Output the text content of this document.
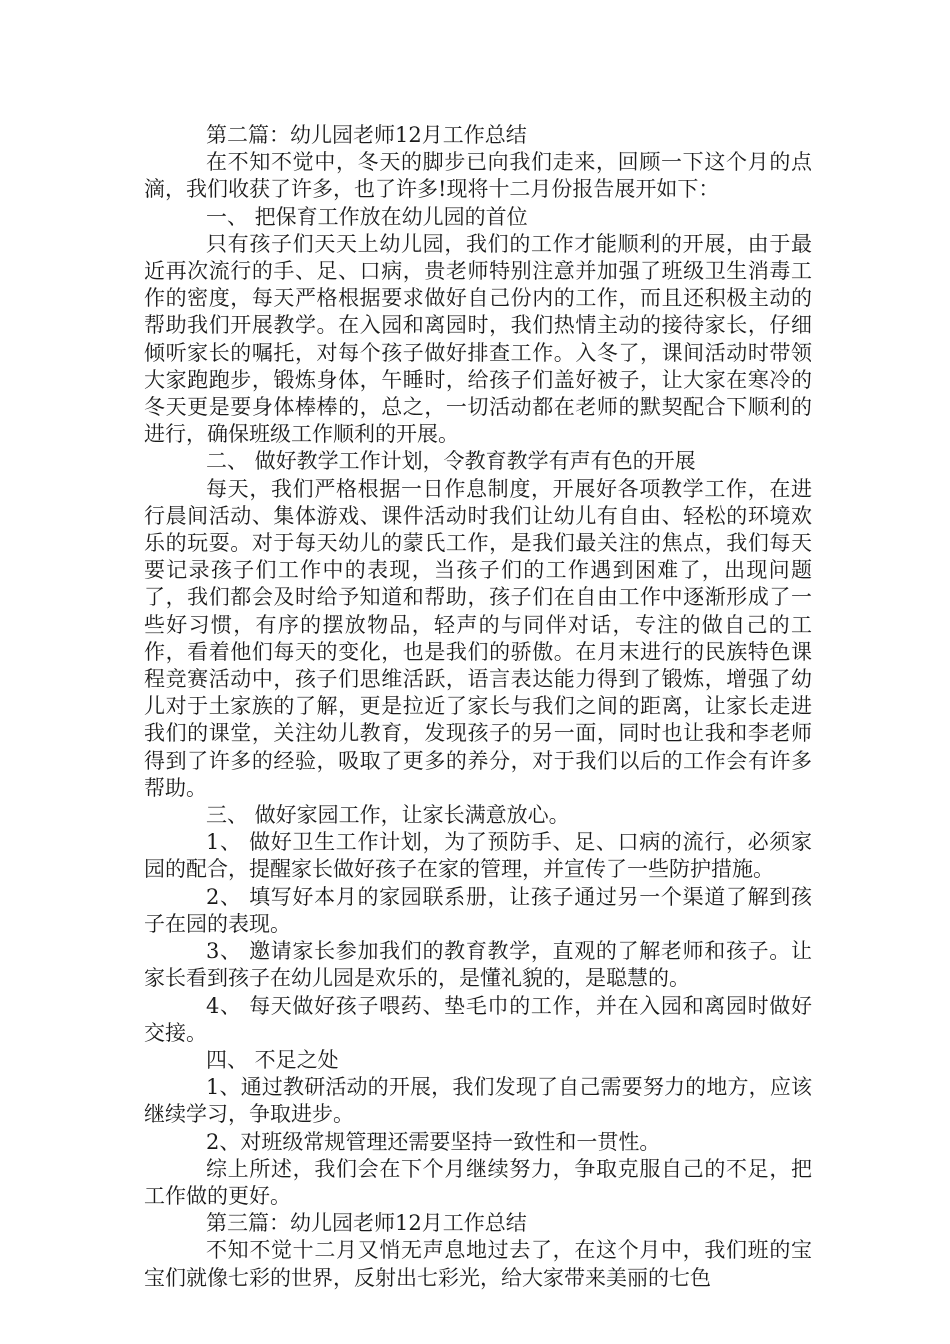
第二篇：幼儿园老师12月工作总结

在不知不觉中，冬天的脚步已向我们走来，回顾一下这个月的点滴，我们收获了许多，也了许多!现将十二月份报告展开如下：

一、 把保育工作放在幼儿园的首位

只有孩子们天天上幼儿园，我们的工作才能顺利的开展，由于最近再次流行的手、足、口病，贵老师特别注意并加强了班级卫生消毒工作的密度，每天严格根据要求做好自己份内的工作，而且还积极主动的帮助我们开展教学。在入园和离园时，我们热情主动的接待家长，仔细倾听家长的嘱托，对每个孩子做好排查工作。入冬了，课间活动时带领大家跑跑步，锻炼身体，午睡时，给孩子们盖好被子，让大家在寒冷的冬天更是要身体棒棒的，总之，一切活动都在老师的默契配合下顺利的进行，确保班级工作顺利的开展。

二、 做好教学工作计划，令教育教学有声有色的开展

每天，我们严格根据一日作息制度，开展好各项教学工作，在进行晨间活动、集体游戏、课件活动时我们让幼儿有自由、轻松的环境欢乐的玩耍。对于每天幼儿的蒙氏工作，是我们最关注的焦点，我们每天要记录孩子们工作中的表现，当孩子们的工作遇到困难了，出现问题了，我们都会及时给予知道和帮助，孩子们在自由工作中逐渐形成了一些好习惯，有序的摆放物品，轻声的与同伴对话，专注的做自己的工作，看着他们每天的变化，也是我们的骄傲。在月末进行的民族特色课程竞赛活动中，孩子们思维活跃，语言表达能力得到了锻炼，增强了幼儿对于土家族的了解，更是拉近了家长与我们之间的距离，让家长走进我们的课堂，关注幼儿教育，发现孩子的另一面，同时也让我和李老师得到了许多的经验，吸取了更多的养分，对于我们以后的工作会有许多帮助。

三、 做好家园工作，让家长满意放心。

1、 做好卫生工作计划，为了预防手、足、口病的流行，必须家园的配合，提醒家长做好孩子在家的管理，并宣传了一些防护措施。

2、 填写好本月的家园联系册，让孩子通过另一个渠道了解到孩子在园的表现。

3、 邀请家长参加我们的教育教学，直观的了解老师和孩子。让家长看到孩子在幼儿园是欢乐的，是懂礼貌的，是聪慧的。

4、 每天做好孩子喂药、垫毛巾的工作，并在入园和离园时做好交接。

四、 不足之处

1、通过教研活动的开展，我们发现了自己需要努力的地方，应该继续学习，争取进步。

2、对班级常规管理还需要坚持一致性和一贯性。

综上所述，我们会在下个月继续努力，争取克服自己的不足，把工作做的更好。

第三篇：幼儿园老师12月工作总结

不知不觉十二月又悄无声息地过去了，在这个月中，我们班的宝宝们就像七彩的世界，反射出七彩光，给大家带来美丽的七色
